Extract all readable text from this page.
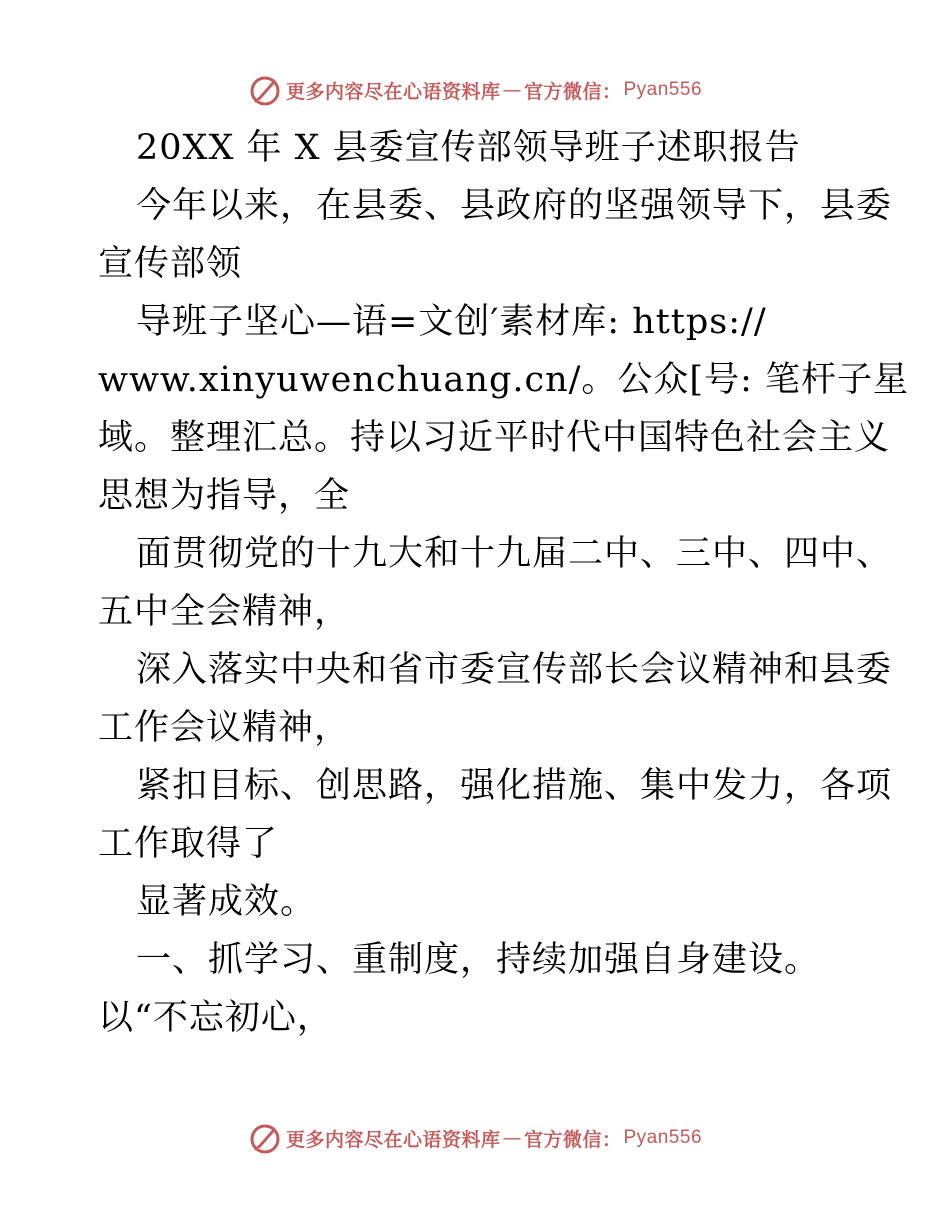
更多内容尽在心语资料库 — 官方微信： Pyan556
20XX 年 X 县委宣传部领导班子述职报告
今年以来，在县委、县政府的坚强领导下，县委
宣传部领
导班子坚心—语=文创′素材库: https://
www.xinyuwenchuang.cn/。公众[号: 笔杆子星
域。整理汇总。持以习近平时代中国特色社会主义
思想为指导，全
面贯彻党的十九大和十九届二中、三中、四中、
五中全会精神，
深入落实中央和省市委宣传部长会议精神和县委
工作会议精神，
紧扣目标、创思路，强化措施、集中发力，各项
工作取得了
显著成效。
一、抓学习、重制度，持续加强自身建设。
以“不忘初心，
更多内容尽在心语资料库 — 官方微信： Pyan556
